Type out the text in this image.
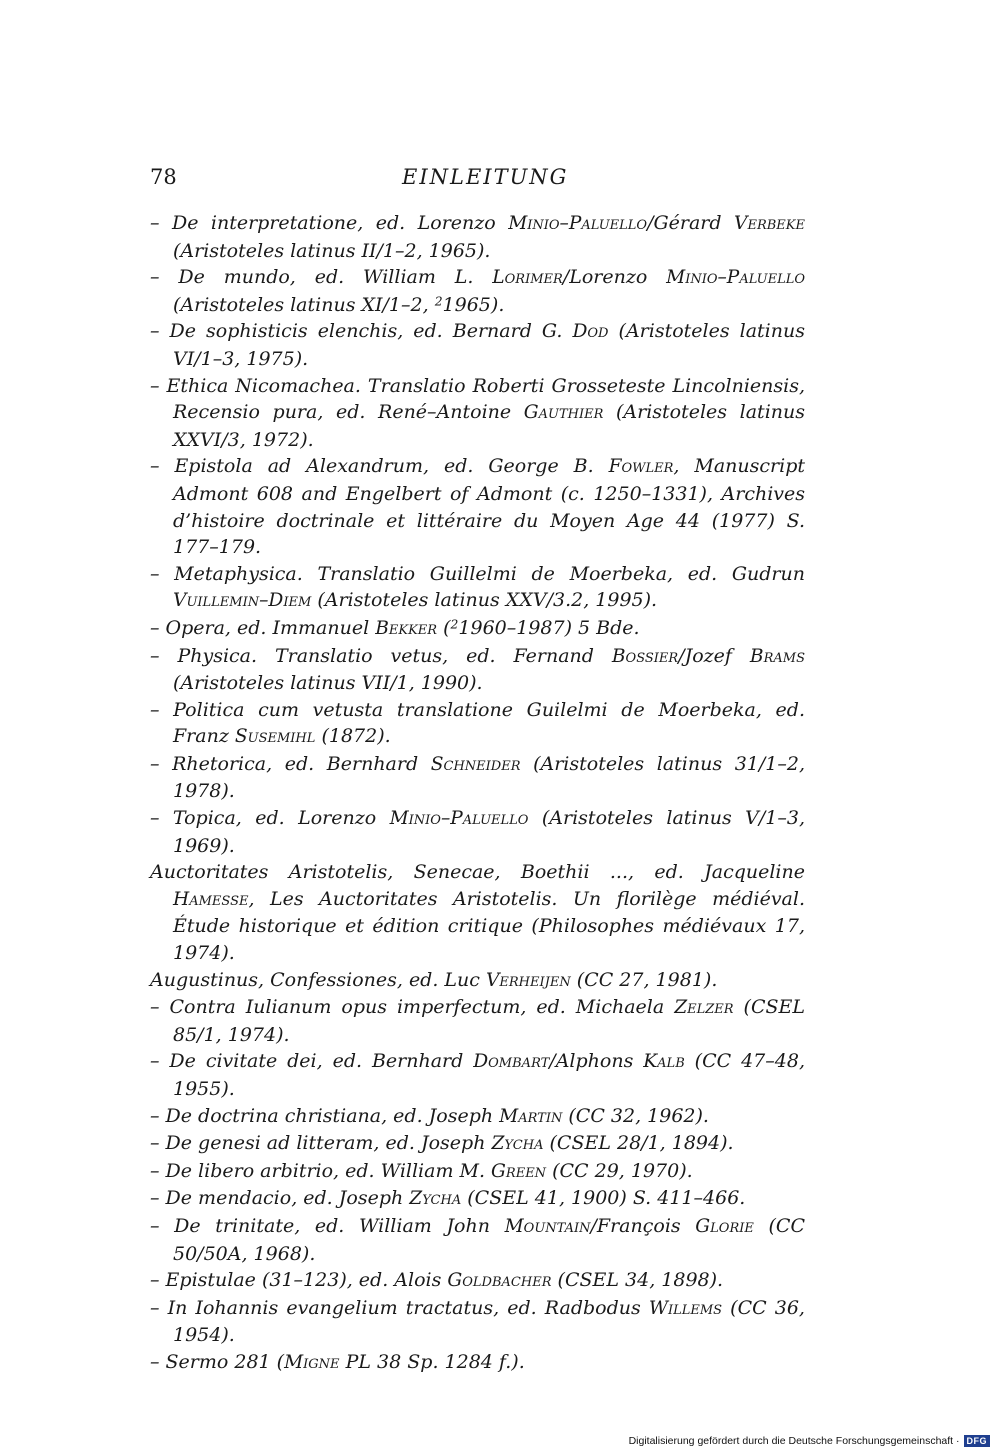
78	EINLEITUNG

– De interpretatione, ed. Lorenzo Minio–Paluello/Gérard Verbeke (Aristoteles latinus II/1–2, 1965).

– De mundo, ed. William L. Lorimer/Lorenzo Minio–Paluello (Aristoteles latinus XI/1–2, $^2$1965).

– De sophisticis elenchis, ed. Bernard G. Dod (Aristoteles latinus VI/1–3, 1975).

– Ethica Nicomachea. Translatio Roberti Grosseteste Lincolniensis, Recensio pura, ed. René–Antoine Gauthier (Aristoteles latinus XXVI/3, 1972).

– Epistola ad Alexandrum, ed. George B. Fowler, Manuscript Admont 608 and Engelbert of Admont (c. 1250–1331), Archives d’histoire doctrinale et littéraire du Moyen Age 44 (1977) S. 177–179.

– Metaphysica. Translatio Guillelmi de Moerbeka, ed. Gudrun Vuillemin–Diem (Aristoteles latinus XXV/3.2, 1995).

– Opera, ed. Immanuel Bekker ($^2$1960–1987) 5 Bde.

– Physica. Translatio vetus, ed. Fernand Bossier/Jozef Brams (Aristoteles latinus VII/1, 1990).

– Politica cum vetusta translatione Guilelmi de Moerbeka, ed. Franz Susemihl (1872).

– Rhetorica, ed. Bernhard Schneider (Aristoteles latinus 31/1–2, 1978).

– Topica, ed. Lorenzo Minio–Paluello (Aristoteles latinus V/1–3, 1969).

Auctoritates Aristotelis, Senecae, Boethii ..., ed. Jacqueline Hamesse, Les Auctoritates Aristotelis. Un florilège médiéval. Étude historique et édition critique (Philosophes médiévaux 17, 1974).

Augustinus, Confessiones, ed. Luc Verheijen (CC 27, 1981).

– Contra Iulianum opus imperfectum, ed. Michaela Zelzer (CSEL 85/1, 1974).

– De civitate dei, ed. Bernhard Dombart/Alphons Kalb (CC 47–48, 1955).

– De doctrina christiana, ed. Joseph Martin (CC 32, 1962).

– De genesi ad litteram, ed. Joseph Zycha (CSEL 28/1, 1894).

– De libero arbitrio, ed. William M. Green (CC 29, 1970).

– De mendacio, ed. Joseph Zycha (CSEL 41, 1900) S. 411–466.

– De trinitate, ed. William John Mountain/François Glorie (CC 50/50A, 1968).

– Epistulae (31–123), ed. Alois Goldbacher (CSEL 34, 1898).

– In Iohannis evangelium tractatus, ed. Radbodus Willems (CC 36, 1954).

– Sermo 281 (Migne PL 38 Sp. 1284 f.).

Digitalisierung gefördert durch die Deutsche Forschungsgemeinschaft · DFG
